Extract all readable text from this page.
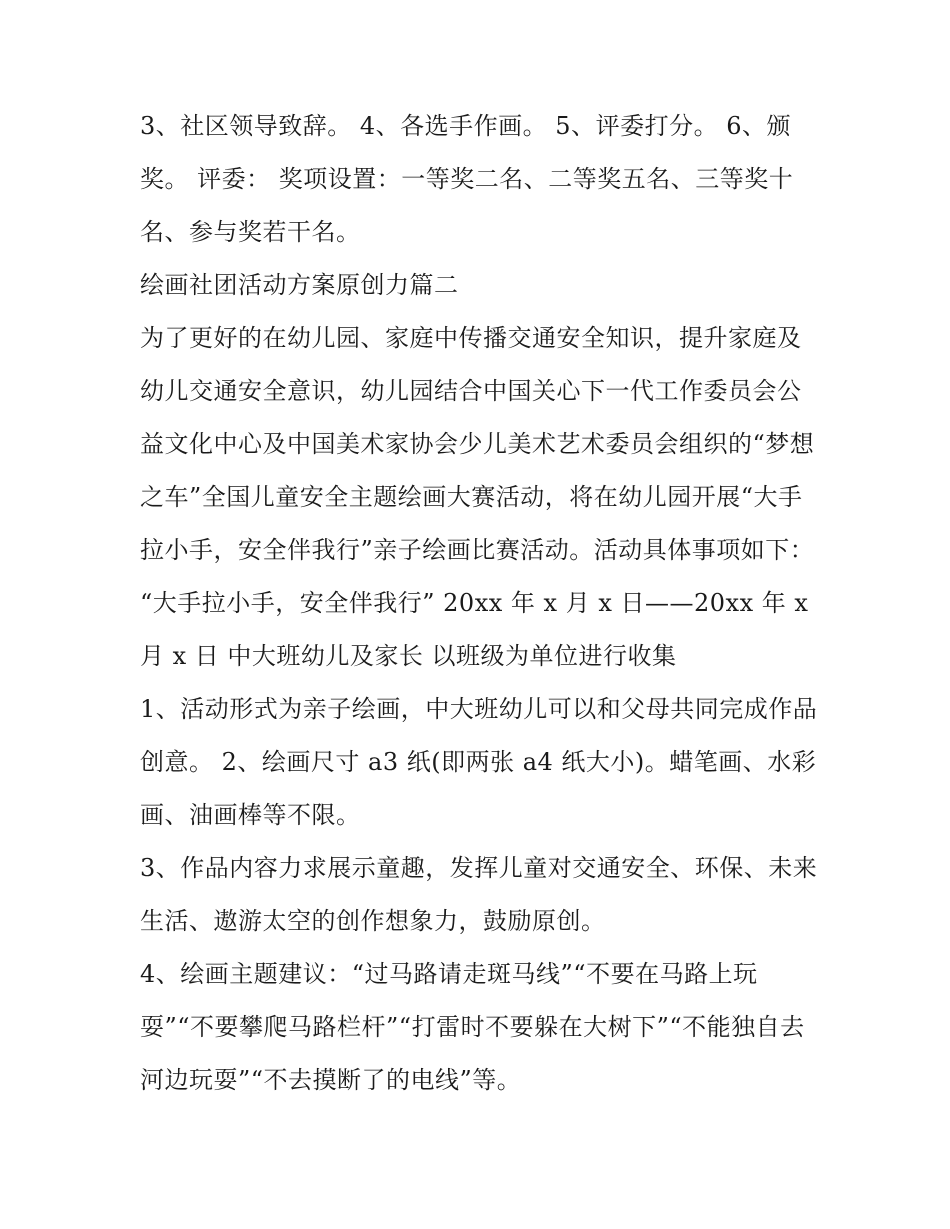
3、社区领导致辞。 4、各选手作画。 5、评委打分。 6、颁奖。 评委： 奖项设置：一等奖二名、二等奖五名、三等奖十名、参与奖若干名。

绘画社团活动方案原创力篇二

为了更好的在幼儿园、家庭中传播交通安全知识，提升家庭及幼儿交通安全意识，幼儿园结合中国关心下一代工作委员会公益文化中心及中国美术家协会少儿美术艺术委员会组织的“梦想之车”全国儿童安全主题绘画大赛活动，将在幼儿园开展“大手拉小手，安全伴我行”亲子绘画比赛活动。活动具体事项如下：

“大手拉小手，安全伴我行” 20xx 年 x 月 x 日——20xx 年 x 月 x 日 中大班幼儿及家长 以班级为单位进行收集

1、活动形式为亲子绘画，中大班幼儿可以和父母共同完成作品创意。 2、绘画尺寸 a3 纸(即两张 a4 纸大小)。蜡笔画、水彩画、油画棒等不限。

3、作品内容力求展示童趣，发挥儿童对交通安全、环保、未来生活、遨游太空的创作想象力，鼓励原创。

4、绘画主题建议：“过马路请走斑马线”“不要在马路上玩耍”“不要攀爬马路栏杆”“打雷时不要躲在大树下”“不能独自去河边玩耍”“不去摸断了的电线”等。
